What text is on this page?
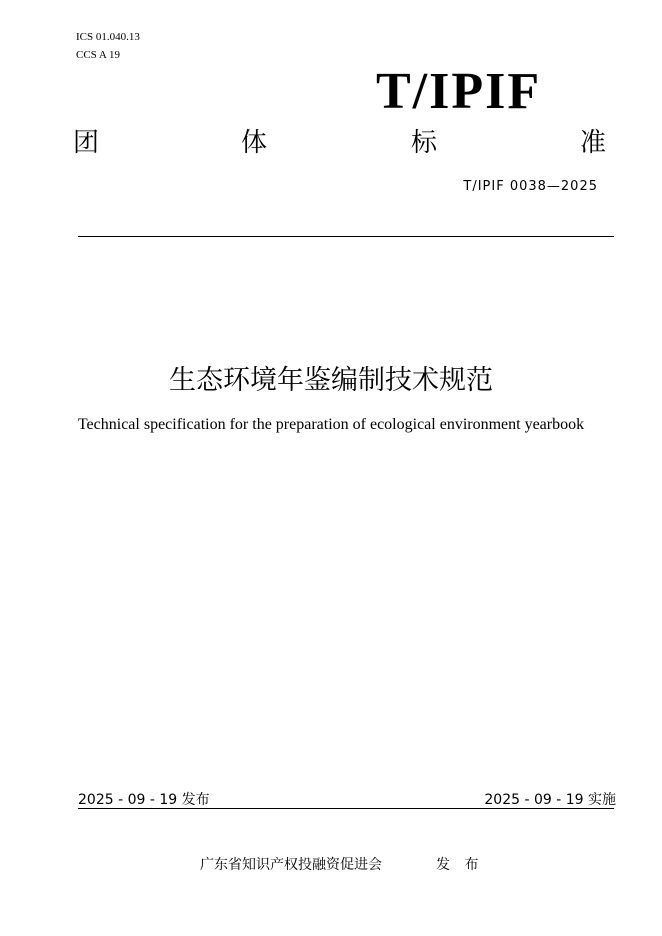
ICS 01.040.13
CCS A 19
T/IPIF
团	体	标	准
T/IPIF 0038—2025
生态环境年鉴编制技术规范
Technical specification for the preparation of ecological environment yearbook
2025 - 09 - 19 发布	2025 - 09 - 19 实施
广东省知识产权投融资促进会	发 布
